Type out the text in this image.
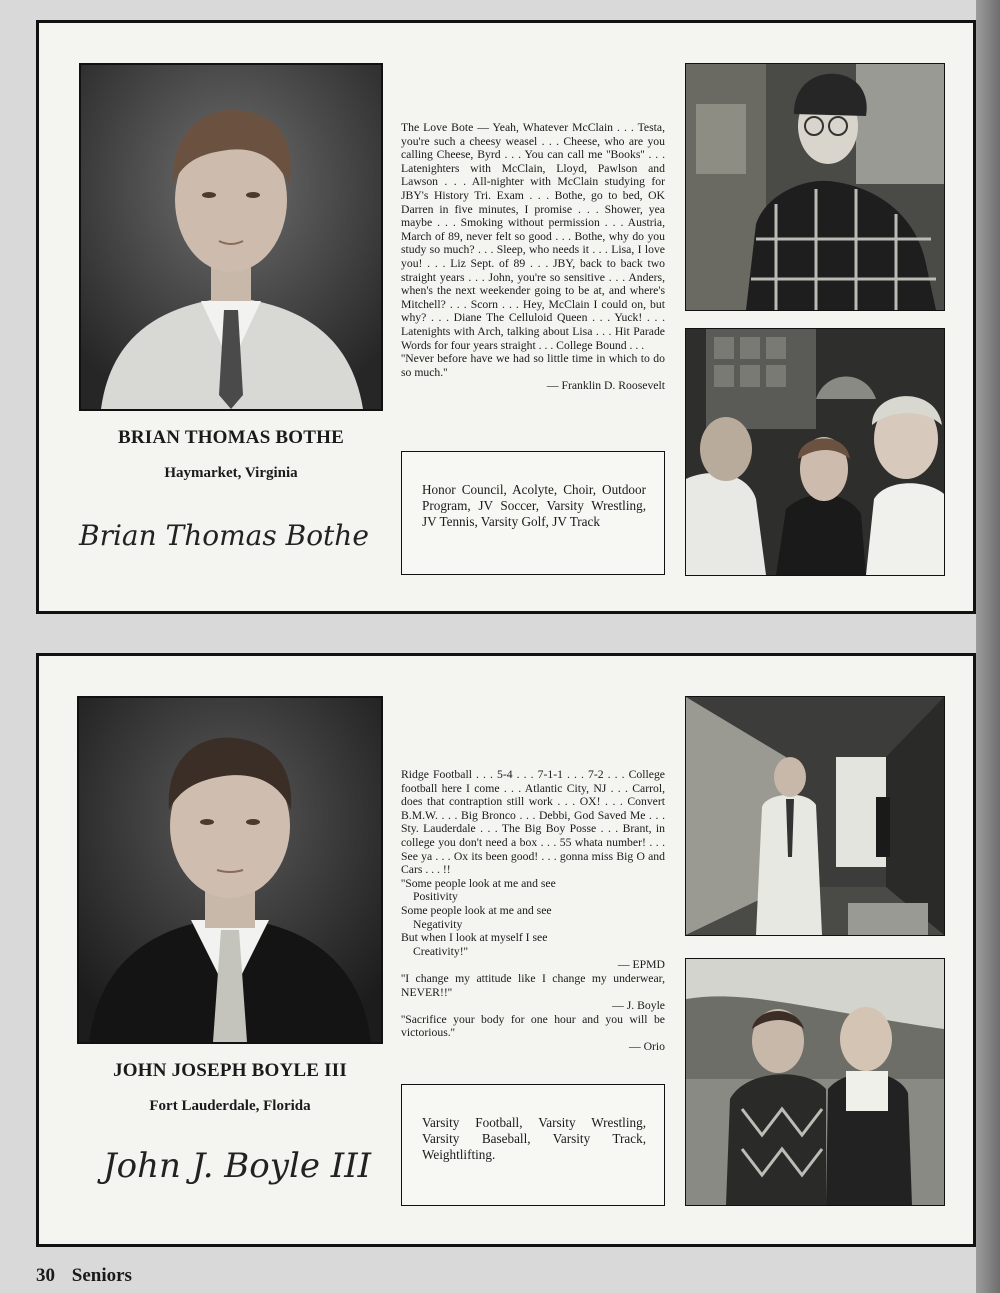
BRIAN THOMAS BOTHE
Haymarket, Virginia
Brian Thomas Bothe

The Love Bote — Yeah, Whatever McClain . . . Testa, you're such a cheesy weasel . . . Cheese, who are you calling Cheese, Byrd . . . You can call me ''Books'' . . . Latenighters with McClain, Lloyd, Pawlson and Lawson . . . All-nighter with McClain studying for JBY's History Tri. Exam . . . Bothe, go to bed, OK Darren in five minutes, I promise . . . Shower, yea maybe . . . Smoking without permission . . . Austria, March of 89, never felt so good . . . Bothe, why do you study so much? . . . Sleep, who needs it . . . Lisa, I love you! . . . Liz Sept. of 89 . . . JBY, back to back two straight years . . . John, you're so sensitive . . . Anders, when's the next weekender going to be at, and where's Mitchell? . . . Scorn . . . Hey, McClain I could on, but why? . . . Diane The Celluloid Queen . . . Yuck! . . . Latenights with Arch, talking about Lisa . . . Hit Parade Words for four years straight . . . College Bound . . .

''Never before have we had so little time in which to do so much.''

— Franklin D. Roosevelt

Honor Council, Acolyte, Choir, Outdoor Program, JV Soccer, Varsity Wrestling, JV Tennis, Varsity Golf, JV Track
JOHN JOSEPH BOYLE III
Fort Lauderdale, Florida
John J. Boyle III

Ridge Football . . . 5-4 . . . 7-1-1 . . . 7-2 . . . College football here I come . . . Atlantic City, NJ . . . Carrol, does that contraption still work . . . OX! . . . Convert B.M.W. . . . Big Bronco . . . Debbi, God Saved Me . . . Sty. Lauderdale . . . The Big Boy Posse . . . Brant, in college you don't need a box . . . 55 whata number! . . . See ya . . . Ox its been good! . . . gonna miss Big O and Cars . . . !!

''Some people look at me and see

Positivity

Some people look at me and see

Negativity

But when I look at myself I see

Creativity!''

— EPMD

''I change my attitude like I change my underwear, NEVER!!''

— J. Boyle

''Sacrifice your body for one hour and you will be victorious.''

— Orio

Varsity Football, Varsity Wrestling, Varsity Baseball, Varsity Track, Weightlifting.
30 Seniors
